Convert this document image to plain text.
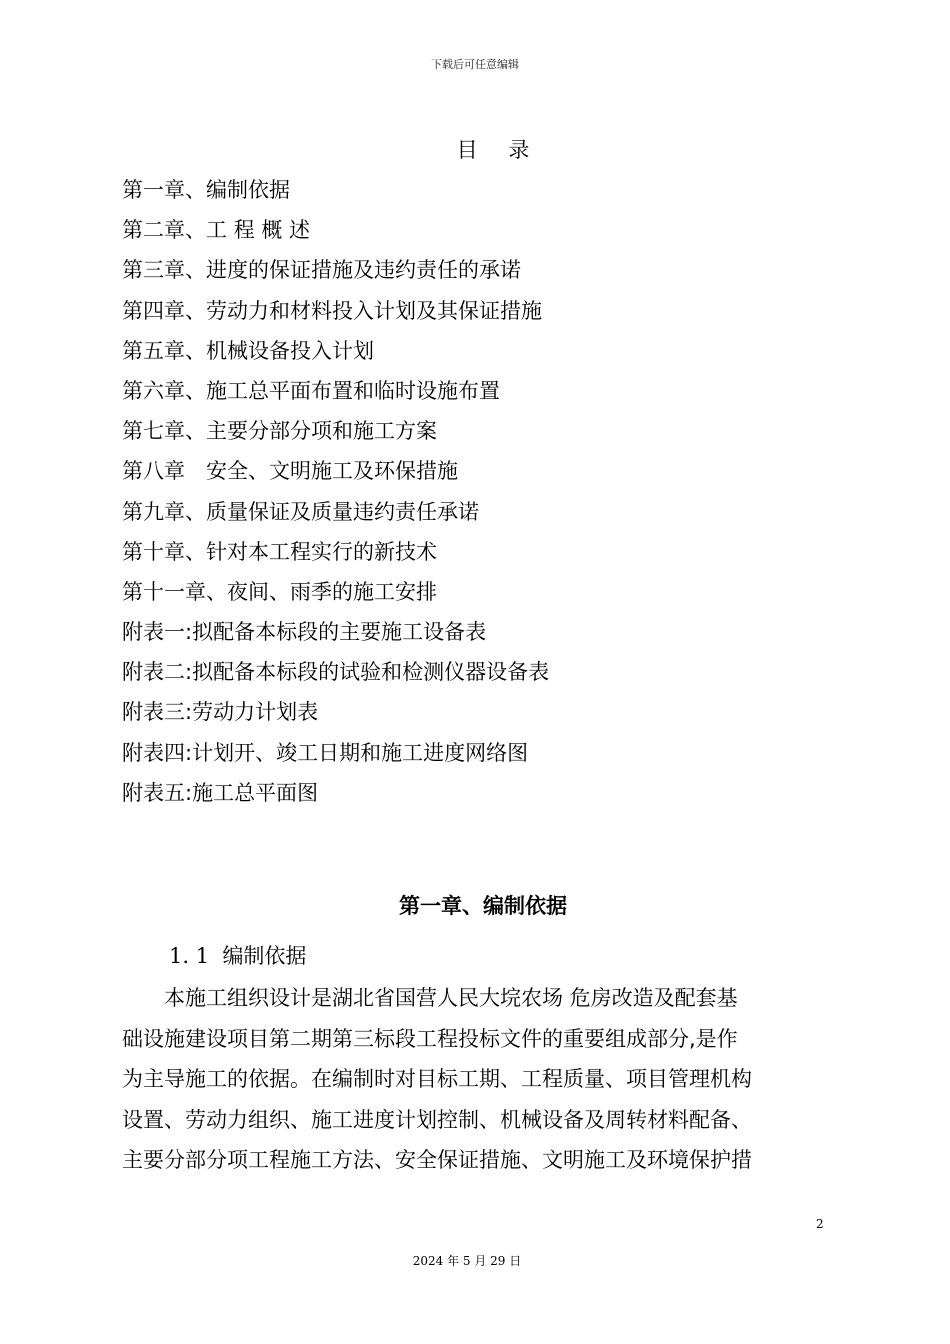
下载后可任意编辑
目 录
第一章、编制依据
第二章、工 程 概 述
第三章、进度的保证措施及违约责任的承诺
第四章、劳动力和材料投入计划及其保证措施
第五章、机械设备投入计划
第六章、施工总平面布置和临时设施布置
第七章、主要分部分项和施工方案
第八章　安全、文明施工及环保措施
第九章、质量保证及质量违约责任承诺
第十章、针对本工程实行的新技术
第十一章、夜间、雨季的施工安排
附表一:拟配备本标段的主要施工设备表
附表二:拟配备本标段的试验和检测仪器设备表
附表三:劳动力计划表
附表四:计划开、竣工日期和施工进度网络图
附表五:施工总平面图
第一章、编制依据
1. 1 编制依据

　　本施工组织设计是湖北省国营人民大垸农场 危房改造及配套基
础设施建设项目第二期第三标段工程投标文件的重要组成部分,是作
为主导施工的依据。在编制时对目标工期、工程质量、项目管理机构
设置、劳动力组织、施工进度计划控制、机械设备及周转材料配备、
主要分部分项工程施工方法、安全保证措施、文明施工及环境保护措

2
2024 年 5 月 29 日
